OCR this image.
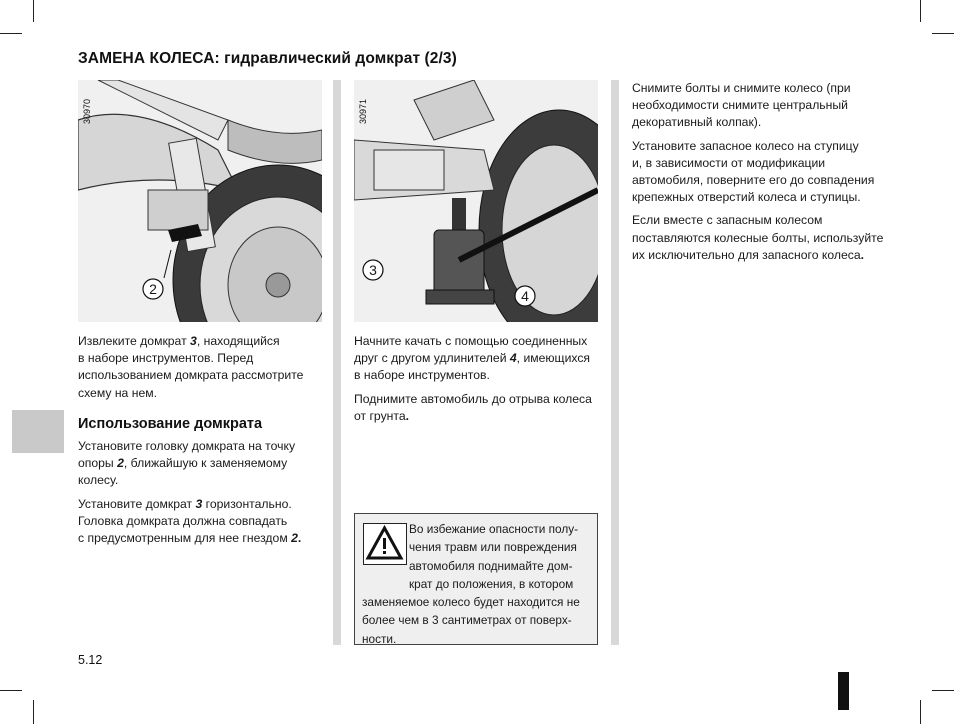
ЗАМЕНА КОЛЕСА: гидравлический домкрат (2/3)
30970
2
30971
3
4

Извлеките домкрат 3, находящийся
в наборе инструментов. Перед
использованием домкрата рассмотрите
схему на нем.

Использование домкрата

Установите головку домкрата на точку
опоры 2, ближайшую к заменяемому
колесу.

Установите домкрат 3 горизонтально.
Головка домкрата должна совпадать
с предусмотренным для нее гнездом 2.

Начните качать с помощью соединенных
друг с другом удлинителей 4, имеющихся
в наборе инструментов.

Поднимите автомобиль до отрыва колеса
от грунта.

Во избежание опасности полу-
чения травм или повреждения
автомобиля поднимайте дом-
крат до положения, в котором
заменяемое колесо будет находится не
более чем в 3 сантиметрах от поверх-
ности.

Снимите болты и снимите колесо (при
необходимости снимите центральный
декоративный колпак).

Установите запасное колесо на ступицу
и, в зависимости от модификации
автомобиля, поверните его до совпадения
крепежных отверстий колеса и ступицы.

Если вместе с запасным колесом
поставляются колесные болты, используйте
их исключительно для запасного колеса.

5.12
